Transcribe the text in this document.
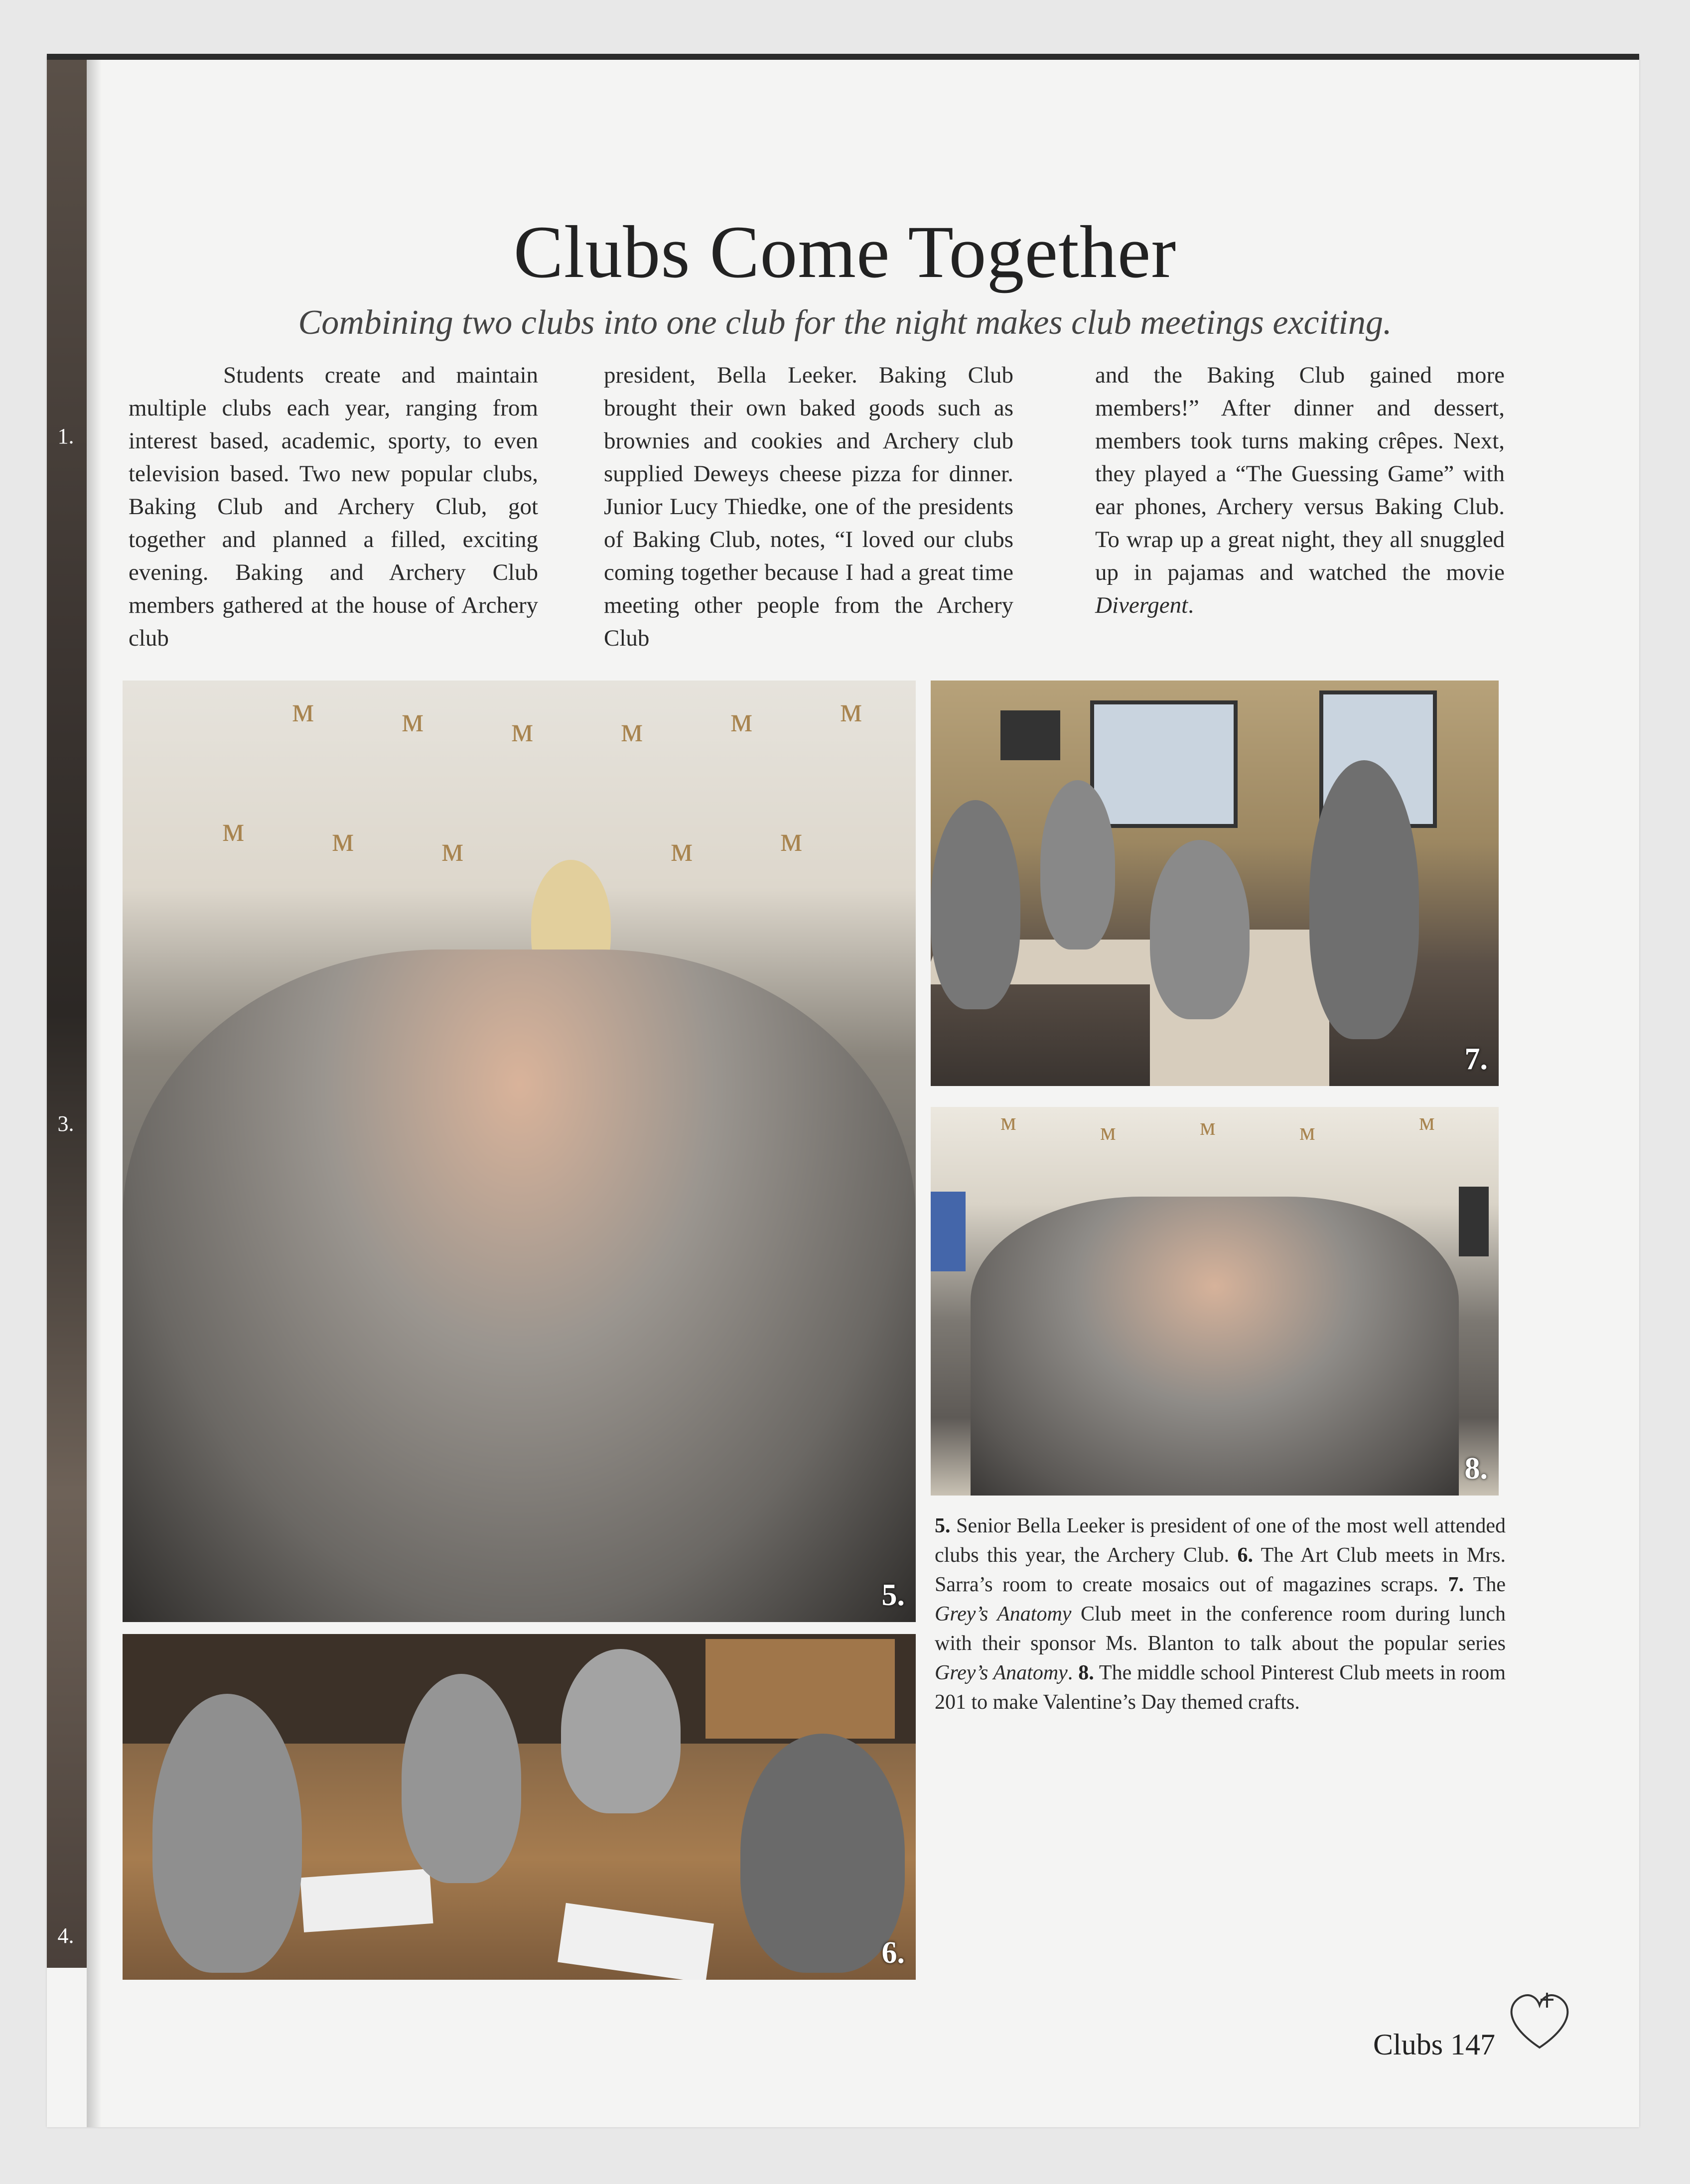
1.
3.
4.
Clubs Come Together
Combining two clubs into one club for the night makes club meetings exciting.
Students create and maintain multiple clubs each year, ranging from interest based, academic, sporty, to even television based. Two new popular clubs, Baking Club and Archery Club, got together and planned a filled, exciting evening. Baking and Archery Club members gathered at the house of Archery club
president, Bella Leeker. Baking Club brought their own baked goods such as brownies and cookies and Archery club supplied Deweys cheese pizza for dinner. Junior Lucy Thiedke, one of the presidents of Baking Club, notes, “I loved our clubs coming together because I had a great time meeting other people from the Archery Club
and the Baking Club gained more members!” After dinner and dessert, members took turns making crêpes. Next, they played a “The Guessing Game” with ear phones, Archery versus Baking Club. To wrap up a great night, they all snuggled up in pajamas and watched the movie Divergent.
ᴍ	ᴍ	ᴍ	ᴍ	ᴍ	ᴍ
ᴍ	ᴍ	ᴍ	ᴍ	ᴍ
5.
6.
7.
ᴍ	ᴍ	ᴍ	ᴍ	ᴍ
8.
5. Senior Bella Leeker is president of one of the most well attended clubs this year, the Archery Club. 6. The Art Club meets in Mrs. Sarra’s room to create mosaics out of magazines scraps. 7. The Grey’s Anatomy Club meet in the conference room during lunch with their sponsor Ms. Blanton to talk about the popular series Grey’s Anatomy. 8. The middle school Pinterest Club meets in room 201 to make Valentine’s Day themed crafts.
Clubs 147
